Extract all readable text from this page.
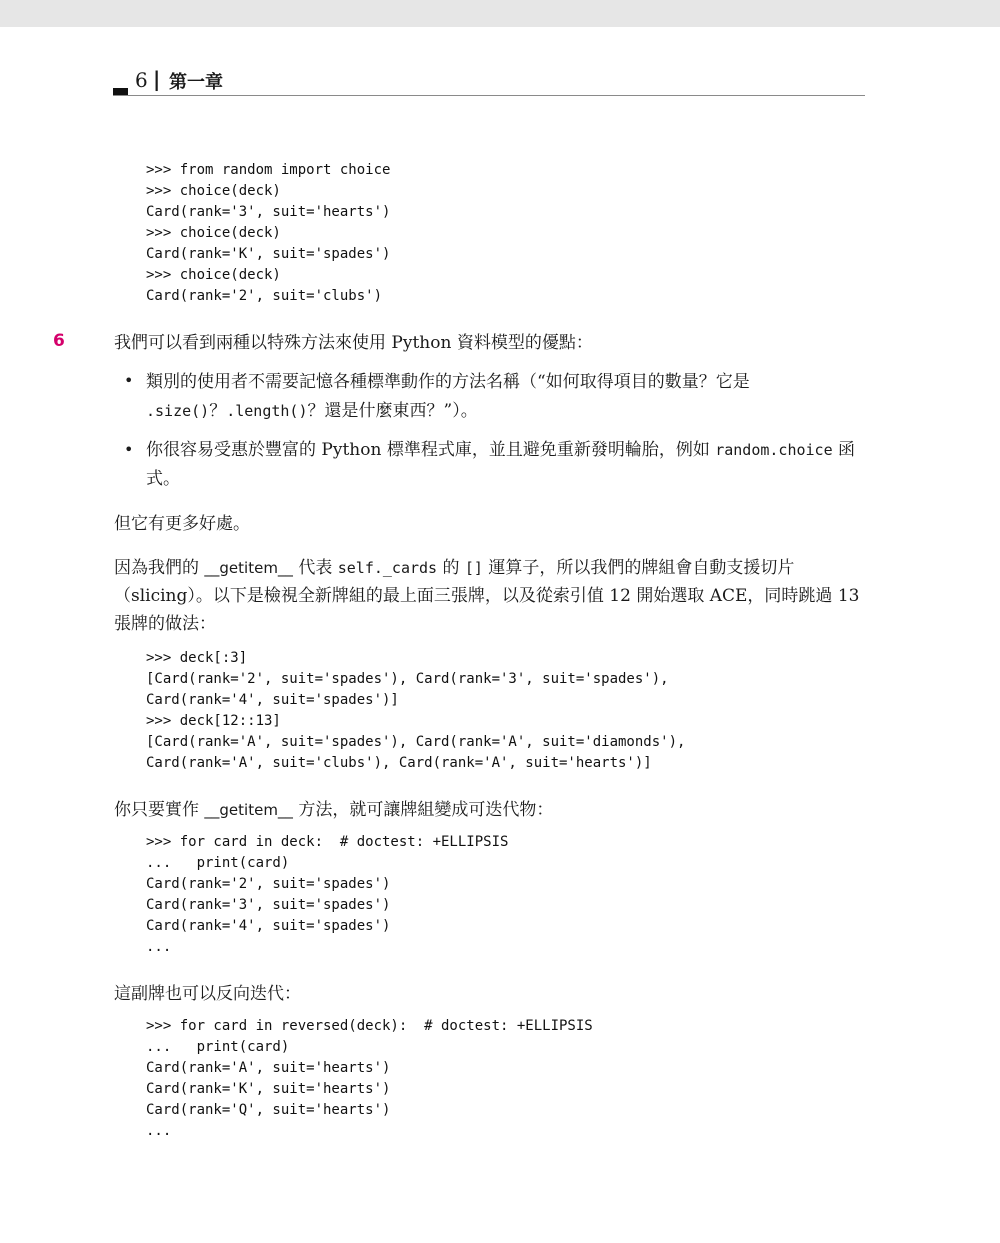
6 | 第一章
>>> from random import choice
>>> choice(deck)
Card(rank='3', suit='hearts')
>>> choice(deck)
Card(rank='K', suit='spades')
>>> choice(deck)
Card(rank='2', suit='clubs')
6	我們可以看到兩種以特殊方法來使用 Python 資料模型的優點：
• 類別的使用者不需要記憶各種標準動作的方法名稱（“如何取得項目的數量？它是 .size()？.length()？還是什麼東西？”）。
• 你很容易受惠於豐富的 Python 標準程式庫，並且避免重新發明輪胎，例如 random.choice 函式。
但它有更多好處。
因為我們的 __getitem__ 代表 self._cards 的 [] 運算子，所以我們的牌組會自動支援切片（slicing）。以下是檢視全新牌組的最上面三張牌，以及從索引值 12 開始選取 ACE，同時跳過 13 張牌的做法：
>>> deck[:3]
[Card(rank='2', suit='spades'), Card(rank='3', suit='spades'),
Card(rank='4', suit='spades')]
>>> deck[12::13]
[Card(rank='A', suit='spades'), Card(rank='A', suit='diamonds'),
Card(rank='A', suit='clubs'), Card(rank='A', suit='hearts')]
你只要實作 __getitem__ 方法，就可讓牌組變成可迭代物：
>>> for card in deck:  # doctest: +ELLIPSIS
...   print(card)
Card(rank='2', suit='spades')
Card(rank='3', suit='spades')
Card(rank='4', suit='spades')
...
這副牌也可以反向迭代：
>>> for card in reversed(deck):  # doctest: +ELLIPSIS
...   print(card)
Card(rank='A', suit='hearts')
Card(rank='K', suit='hearts')
Card(rank='Q', suit='hearts')
...
